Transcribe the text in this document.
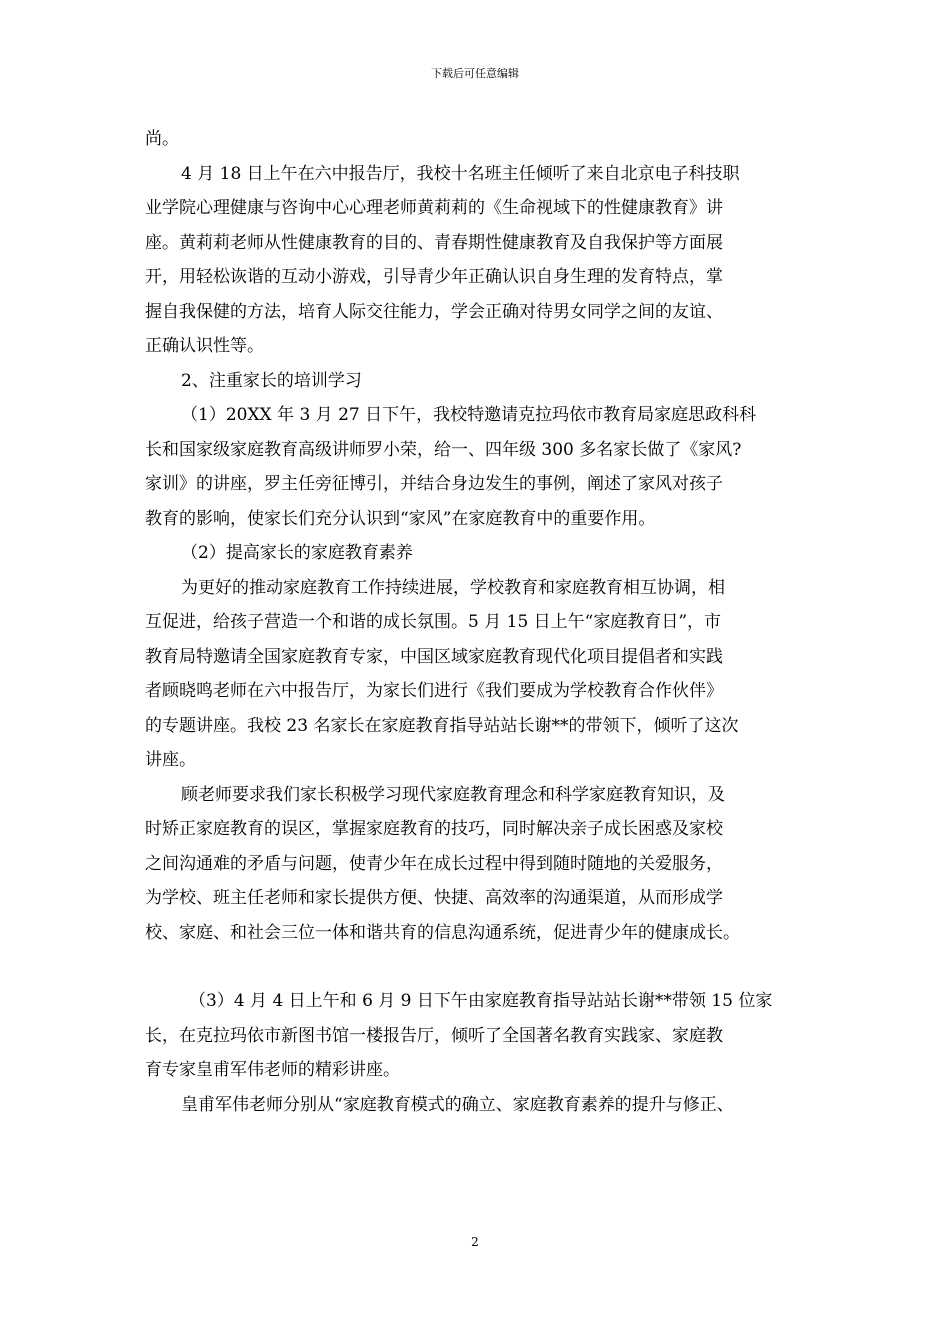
下载后可任意编辑

尚。

4 月 18 日上午在六中报告厅，我校十名班主任倾听了来自北京电子科技职

业学院心理健康与咨询中心心理老师黄莉莉的《生命视域下的性健康教育》讲

座。黄莉莉老师从性健康教育的目的、青春期性健康教育及自我保护等方面展

开，用轻松诙谐的互动小游戏，引导青少年正确认识自身生理的发育特点，掌

握自我保健的方法，培育人际交往能力，学会正确对待男女同学之间的友谊、

正确认识性等。

2、注重家长的培训学习

（1）20XX 年 3 月 27 日下午，我校特邀请克拉玛依市教育局家庭思政科科

长和国家级家庭教育高级讲师罗小荣，给一、四年级 300 多名家长做了《家风?

家训》的讲座，罗主任旁征博引，并结合身边发生的事例，阐述了家风对孩子

教育的影响，使家长们充分认识到“家风”在家庭教育中的重要作用。

（2）提高家长的家庭教育素养

为更好的推动家庭教育工作持续进展，学校教育和家庭教育相互协调，相

互促进，给孩子营造一个和谐的成长氛围。5 月 15 日上午“家庭教育日”，市

教育局特邀请全国家庭教育专家，中国区域家庭教育现代化项目提倡者和实践

者顾晓鸣老师在六中报告厅，为家长们进行《我们要成为学校教育合作伙伴》

的专题讲座。我校 23 名家长在家庭教育指导站站长谢**的带领下，倾听了这次

讲座。

顾老师要求我们家长积极学习现代家庭教育理念和科学家庭教育知识，及

时矫正家庭教育的误区，掌握家庭教育的技巧，同时解决亲子成长困惑及家校

之间沟通难的矛盾与问题，使青少年在成长过程中得到随时随地的关爱服务，

为学校、班主任老师和家长提供方便、快捷、高效率的沟通渠道，从而形成学

校、家庭、和社会三位一体和谐共育的信息沟通系统，促进青少年的健康成长。

（3）4 月 4 日上午和 6 月 9 日下午由家庭教育指导站站长谢**带领 15 位家

长，在克拉玛依市新图书馆一楼报告厅，倾听了全国著名教育实践家、家庭教

育专家皇甫军伟老师的精彩讲座。

皇甫军伟老师分别从“家庭教育模式的确立、家庭教育素养的提升与修正、

2
